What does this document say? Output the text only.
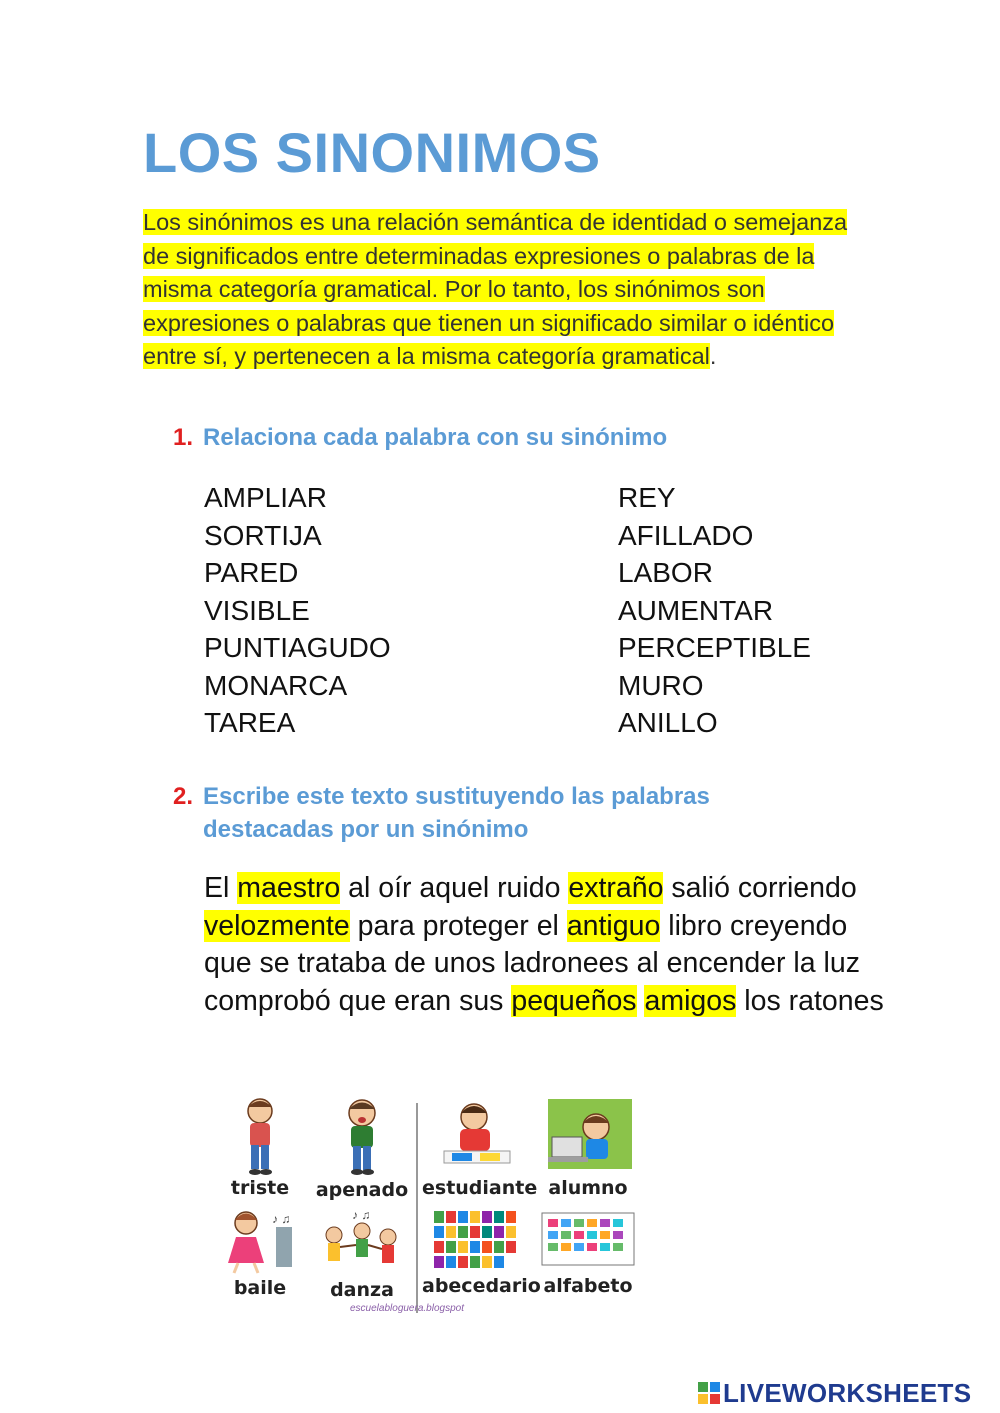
LOS SINONIMOS
Los sinónimos es una relación semántica de identidad o semejanza de significados entre determinadas expresiones o palabras de la misma categoría gramatical. Por lo tanto, los sinónimos son expresiones o palabras que tienen un significado similar o idéntico entre sí, y pertenecen a la misma categoría gramatical.
1. Relaciona cada palabra con su sinónimo
AMPLIAR
SORTIJA
PARED
VISIBLE
PUNTIAGUDO
MONARCA
TAREA
REY
AFILLADO
LABOR
AUMENTAR
PERCEPTIBLE
MURO
ANILLO
2. Escribe este texto sustituyendo las palabras destacadas por un sinónimo
El maestro al oír aquel ruido extraño salió corriendo velozmente para proteger el antiguo libro creyendo que se trataba de unos ladronees al encender la luz comprobó que eran sus pequeños amigos los ratones
triste	apenado estudiante alumno
♪ ♫
baile
♪ ♫
danza	abecedario alfabeto
escuelabloguera.blogspot
LIVEWORKSHEETS
